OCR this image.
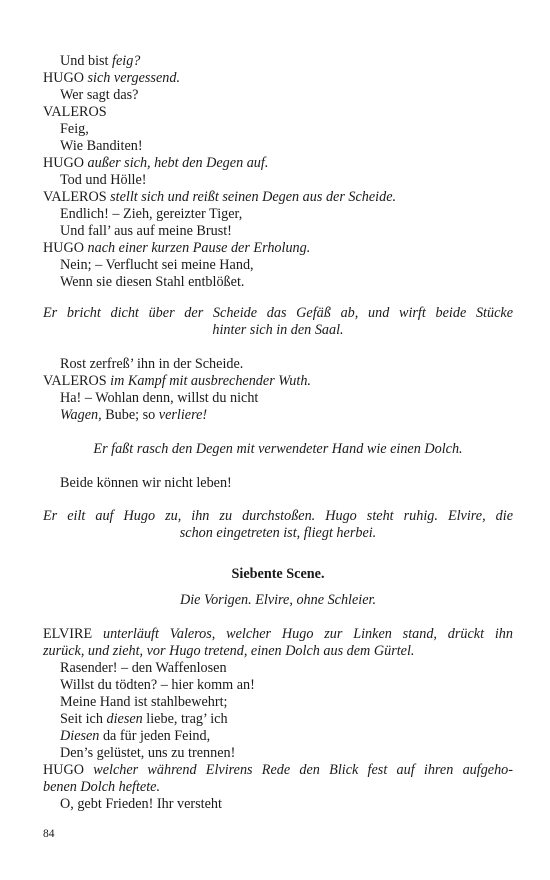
84
Und bist feig?
HUGO sich vergessend.
Wer sagt das?
VALEROS
Feig,
Wie Banditen!
HUGO außer sich, hebt den Degen auf.
Tod und Hölle!
VALEROS stellt sich und reißt seinen Degen aus der Scheide.
Endlich! – Zieh, gereizter Tiger,
Und fall’ aus auf meine Brust!
HUGO nach einer kurzen Pause der Erholung.
Nein; – Verflucht sei meine Hand,
Wenn sie diesen Stahl entblößet.
Er bricht dicht über der Scheide das Gefäß ab, und wirft beide Stücke
hinter sich in den Saal.
Rost zerfreß’ ihn in der Scheide.
VALEROS im Kampf mit ausbrechender Wuth.
Ha! – Wohlan denn, willst du nicht
Wagen, Bube; so verliere!
Er faßt rasch den Degen mit verwendeter Hand wie einen Dolch.
Beide können wir nicht leben!
Er eilt auf Hugo zu, ihn zu durchstoßen. Hugo steht ruhig. Elvire, die
schon eingetreten ist, fliegt herbei.
Siebente Scene.
Die Vorigen. Elvire, ohne Schleier.
ELVIRE unterläuft Valeros, welcher Hugo zur Linken stand, drückt ihn
zurück, und zieht, vor Hugo tretend, einen Dolch aus dem Gürtel.
Rasender! – den Waffenlosen
Willst du tödten? – hier komm an!
Meine Hand ist stahlbewehrt;
Seit ich diesen liebe, trag’ ich
Diesen da für jeden Feind,
Den’s gelüstet, uns zu trennen!
HUGO welcher während Elvirens Rede den Blick fest auf ihren aufgeho-
benen Dolch heftete.
O, gebt Frieden! Ihr versteht
